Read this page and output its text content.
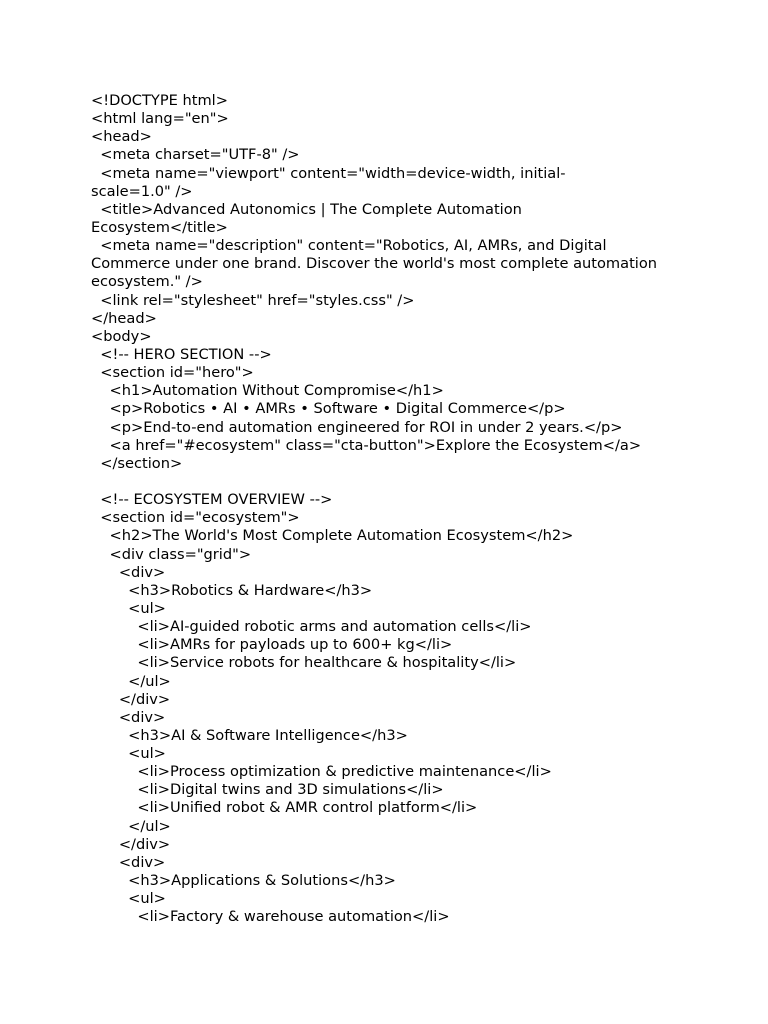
<!DOCTYPE html>
<html lang="en">
<head>
<meta charset="UTF-8" />
<meta name="viewport" content="width=device-width, initial-
scale=1.0" />
<title>Advanced Autonomics | The Complete Automation
Ecosystem</title>
<meta name="description" content="Robotics, AI, AMRs, and Digital
Commerce under one brand. Discover the world's most complete automation
ecosystem." />
<link rel="stylesheet" href="styles.css" />
</head>
<body>
<!-- HERO SECTION -->
<section id="hero">
<h1>Automation Without Compromise</h1>
<p>Robotics • AI • AMRs • Software • Digital Commerce</p>
<p>End-to-end automation engineered for ROI in under 2 years.</p>
<a href="#ecosystem" class="cta-button">Explore the Ecosystem</a>
</section>
<!-- ECOSYSTEM OVERVIEW -->
<section id="ecosystem">
<h2>The World's Most Complete Automation Ecosystem</h2>
<div class="grid">
<div>
<h3>Robotics & Hardware</h3>
<ul>
<li>AI-guided robotic arms and automation cells</li>
<li>AMRs for payloads up to 600+ kg</li>
<li>Service robots for healthcare & hospitality</li>
</ul>
</div>
<div>
<h3>AI & Software Intelligence</h3>
<ul>
<li>Process optimization & predictive maintenance</li>
<li>Digital twins and 3D simulations</li>
<li>Unified robot & AMR control platform</li>
</ul>
</div>
<div>
<h3>Applications & Solutions</h3>
<ul>
<li>Factory & warehouse automation</li>
